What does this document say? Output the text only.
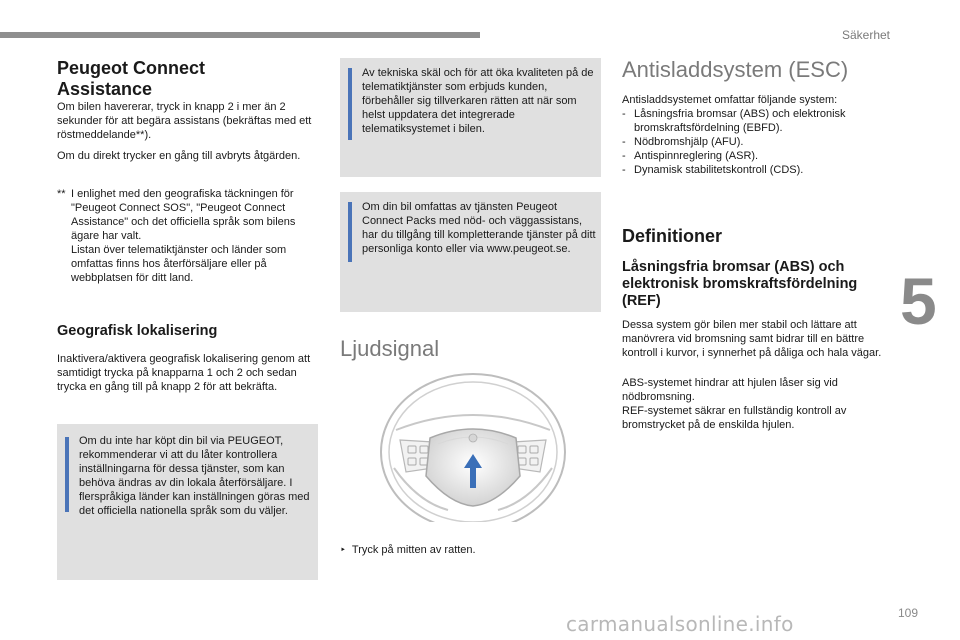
Säkerhet
5
109
carmanualsonline.info
Peugeot Connect
Assistance

Om bilen havererar, tryck in knapp 2 i mer än 2 sekunder för att begära assistans (bekräftas med ett röstmeddelande**).

Om du direkt trycker en gång till avbryts åtgärden.

** I enlighet med den geografiska täckningen för "Peugeot Connect SOS", "Peugeot Connect Assistance" och det officiella språk som bilens ägare har valt.
Listan över telematiktjänster och länder som omfattas finns hos återförsäljare eller på webbplatsen för ditt land.
Geografisk lokalisering

Inaktivera/aktivera geografisk lokalisering genom att samtidigt trycka på knapparna 1 och 2 och sedan trycka en gång till på knapp 2 för att bekräfta.

Om du inte har köpt din bil via PEUGEOT, rekommenderar vi att du låter kontrollera inställningarna för dessa tjänster, som kan behöva ändras av din lokala återförsäljare. I flerspråkiga länder kan inställningen göras med det officiella nationella språk som du väljer.

Av tekniska skäl och för att öka kvaliteten på de telematiktjänster som erbjuds kunden, förbehåller sig tillverkaren rätten att när som helst uppdatera det integrerade telematiksystemet i bilen.

Om din bil omfattas av tjänsten Peugeot Connect Packs med nöd- och väggassistans, har du tillgång till kompletterande tjänster på ditt personliga konto eller via www.peugeot.se.

Ljudsignal
‣ Tryck på mitten av ratten.
Antisladdsystem (ESC)

Antisladdsystemet omfattar följande system:

- Låsningsfria bromsar (ABS) och elektronisk bromskraftsfördelning (EBFD).
- Nödbromshjälp (AFU).
- Antispinnreglering (ASR).
- Dynamisk stabilitetskontroll (CDS).
Definitioner
Låsningsfria bromsar (ABS) och elektronisk bromskraftsfördelning (REF)

Dessa system gör bilen mer stabil och lättare att manövrera vid bromsning samt bidrar till en bättre kontroll i kurvor, i synnerhet på dåliga och hala vägar.

ABS-systemet hindrar att hjulen låser sig vid nödbromsning.

REF-systemet säkrar en fullständig kontroll av bromstrycket på de enskilda hjulen.
